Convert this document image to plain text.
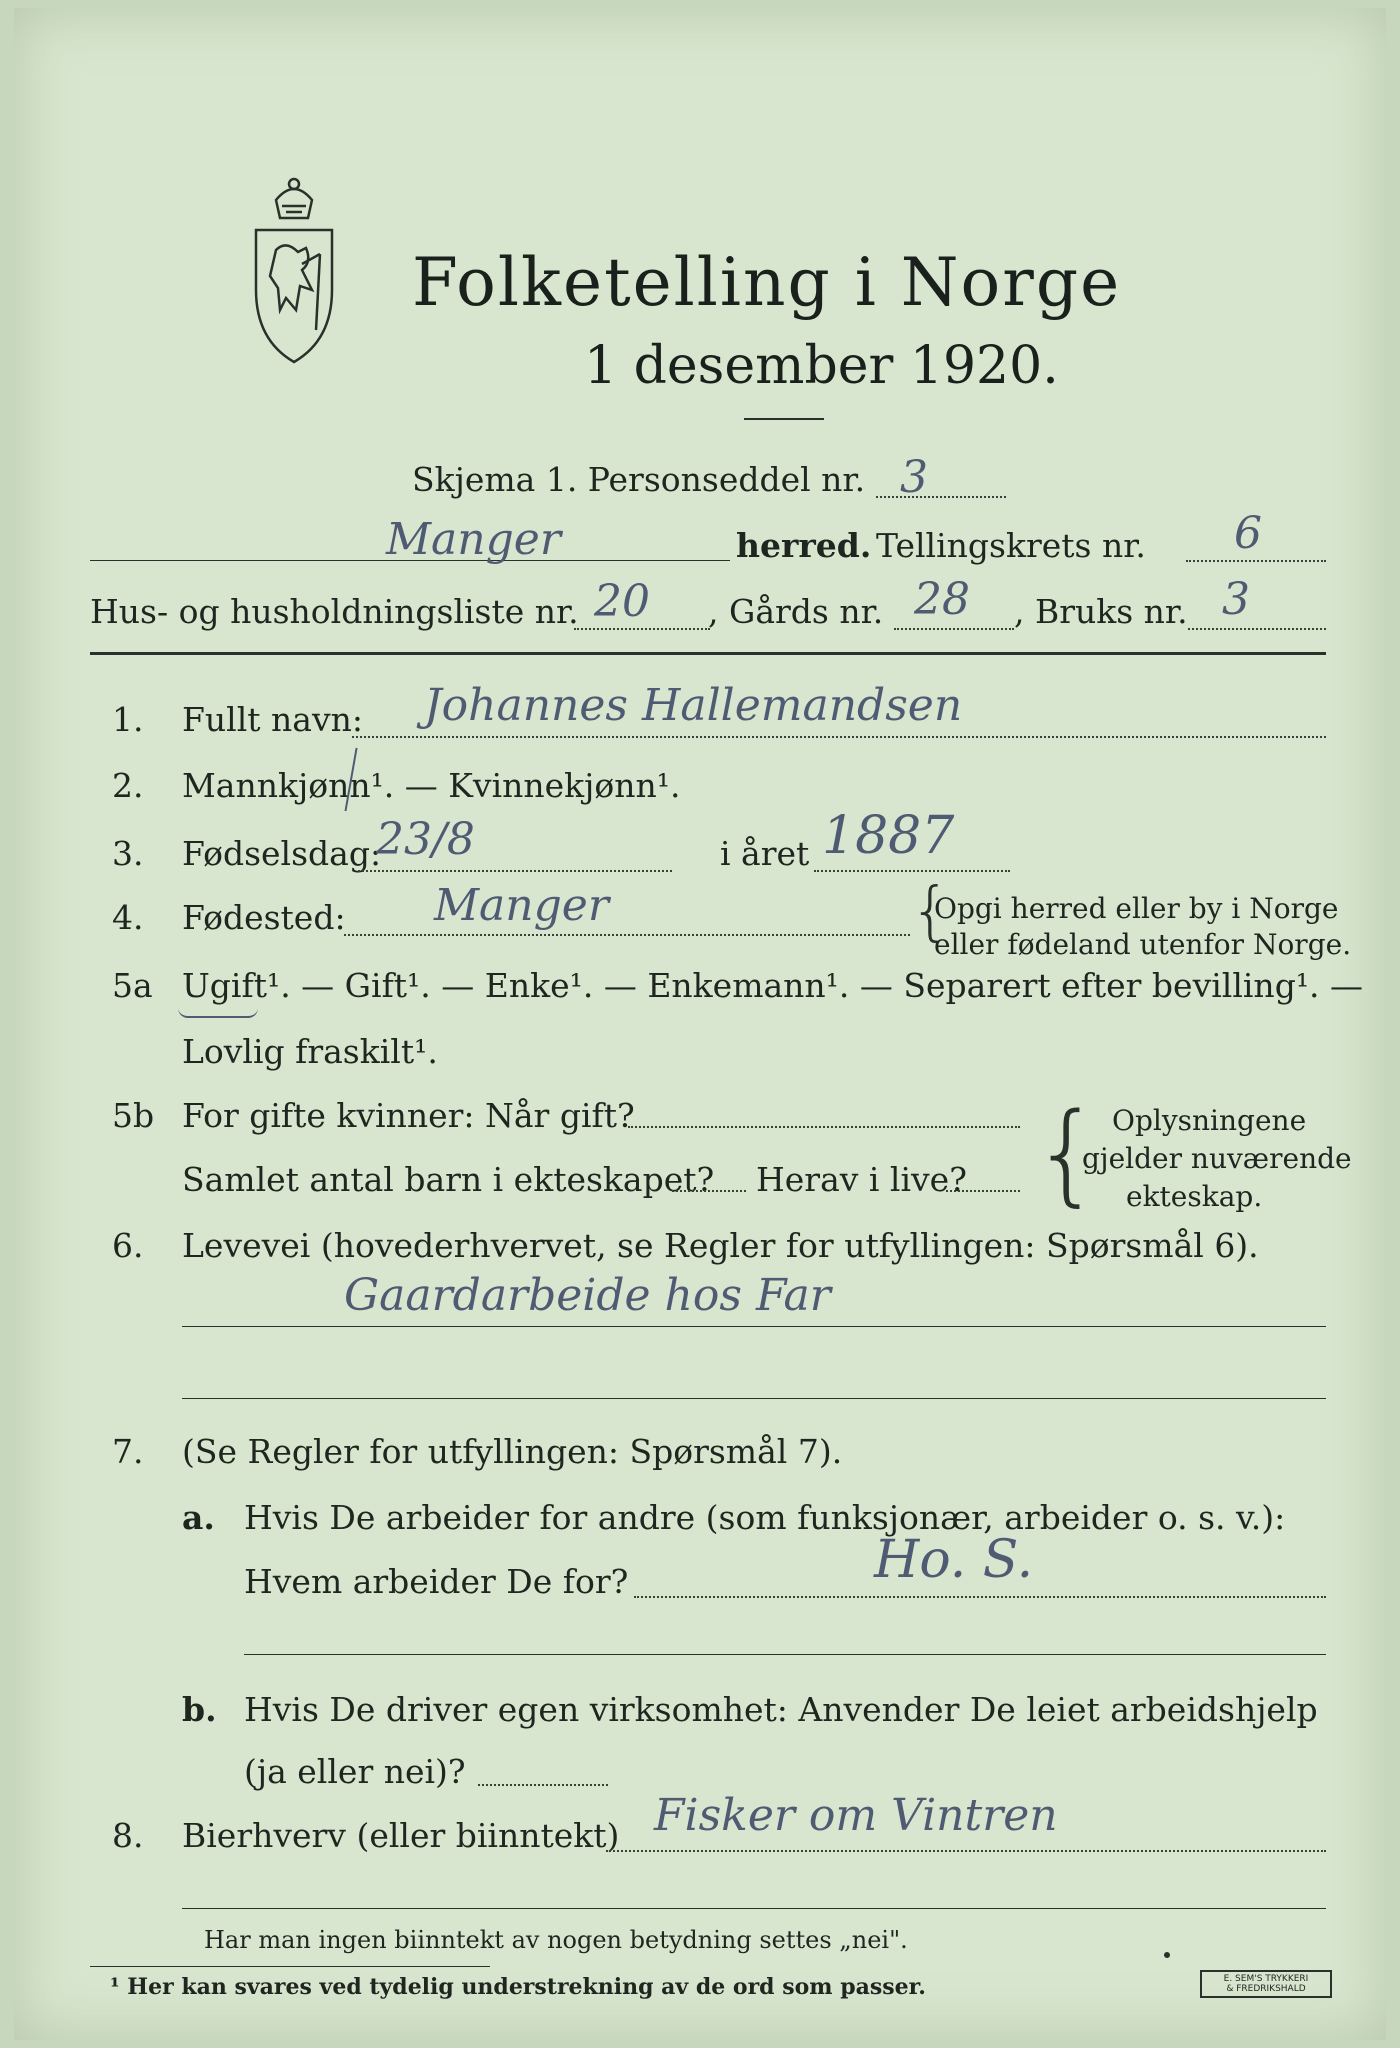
Folketelling i Norge
1 desember 1920.
Skjema 1. Personseddel nr. 3
Manger	herred. Tellingskrets nr. 6
Hus- og husholdningsliste nr. 20 , Gårds nr. 28 , Bruks nr. 3
1. Fullt navn: Johannes Hallemandsen
2. Mannkjønn¹. — Kvinnekjønn¹.
3. Fødselsdag:
23/8	i året 1887
4. Fødested: Manger	{
Opgi herred eller by i Norge
eller fødeland utenfor Norge.
5a Ugift¹. — Gift¹. — Enke¹. — Enkemann¹. — Separert efter bevilling¹. —
Lovlig fraskilt¹.
5b For gifte kvinner: Når gift?
Samlet antal barn i ekteskapet? Herav i live? { Oplysningene
gjelder nuværende
ekteskap.
6. Levevei (hovederhvervet, se Regler for utfyllingen: Spørsmål 6).
Gaardarbeide hos Far
7. (Se Regler for utfyllingen: Spørsmål 7).
a. Hvis De arbeider for andre (som funksjonær, arbeider o. s. v.):
Hvem arbeider De for?	Ho. S.
b. Hvis De driver egen virksomhet: Anvender De leiet arbeidshjelp
(ja eller nei)?
8. Bierhverv (eller biinntekt) Fisker om Vintren
Har man ingen biinntekt av nogen betydning settes „nei".
¹ Her kan svares ved tydelig understrekning av de ord som passer.	E. SEM'S TRYKKERI
& FREDRIKSHALD
